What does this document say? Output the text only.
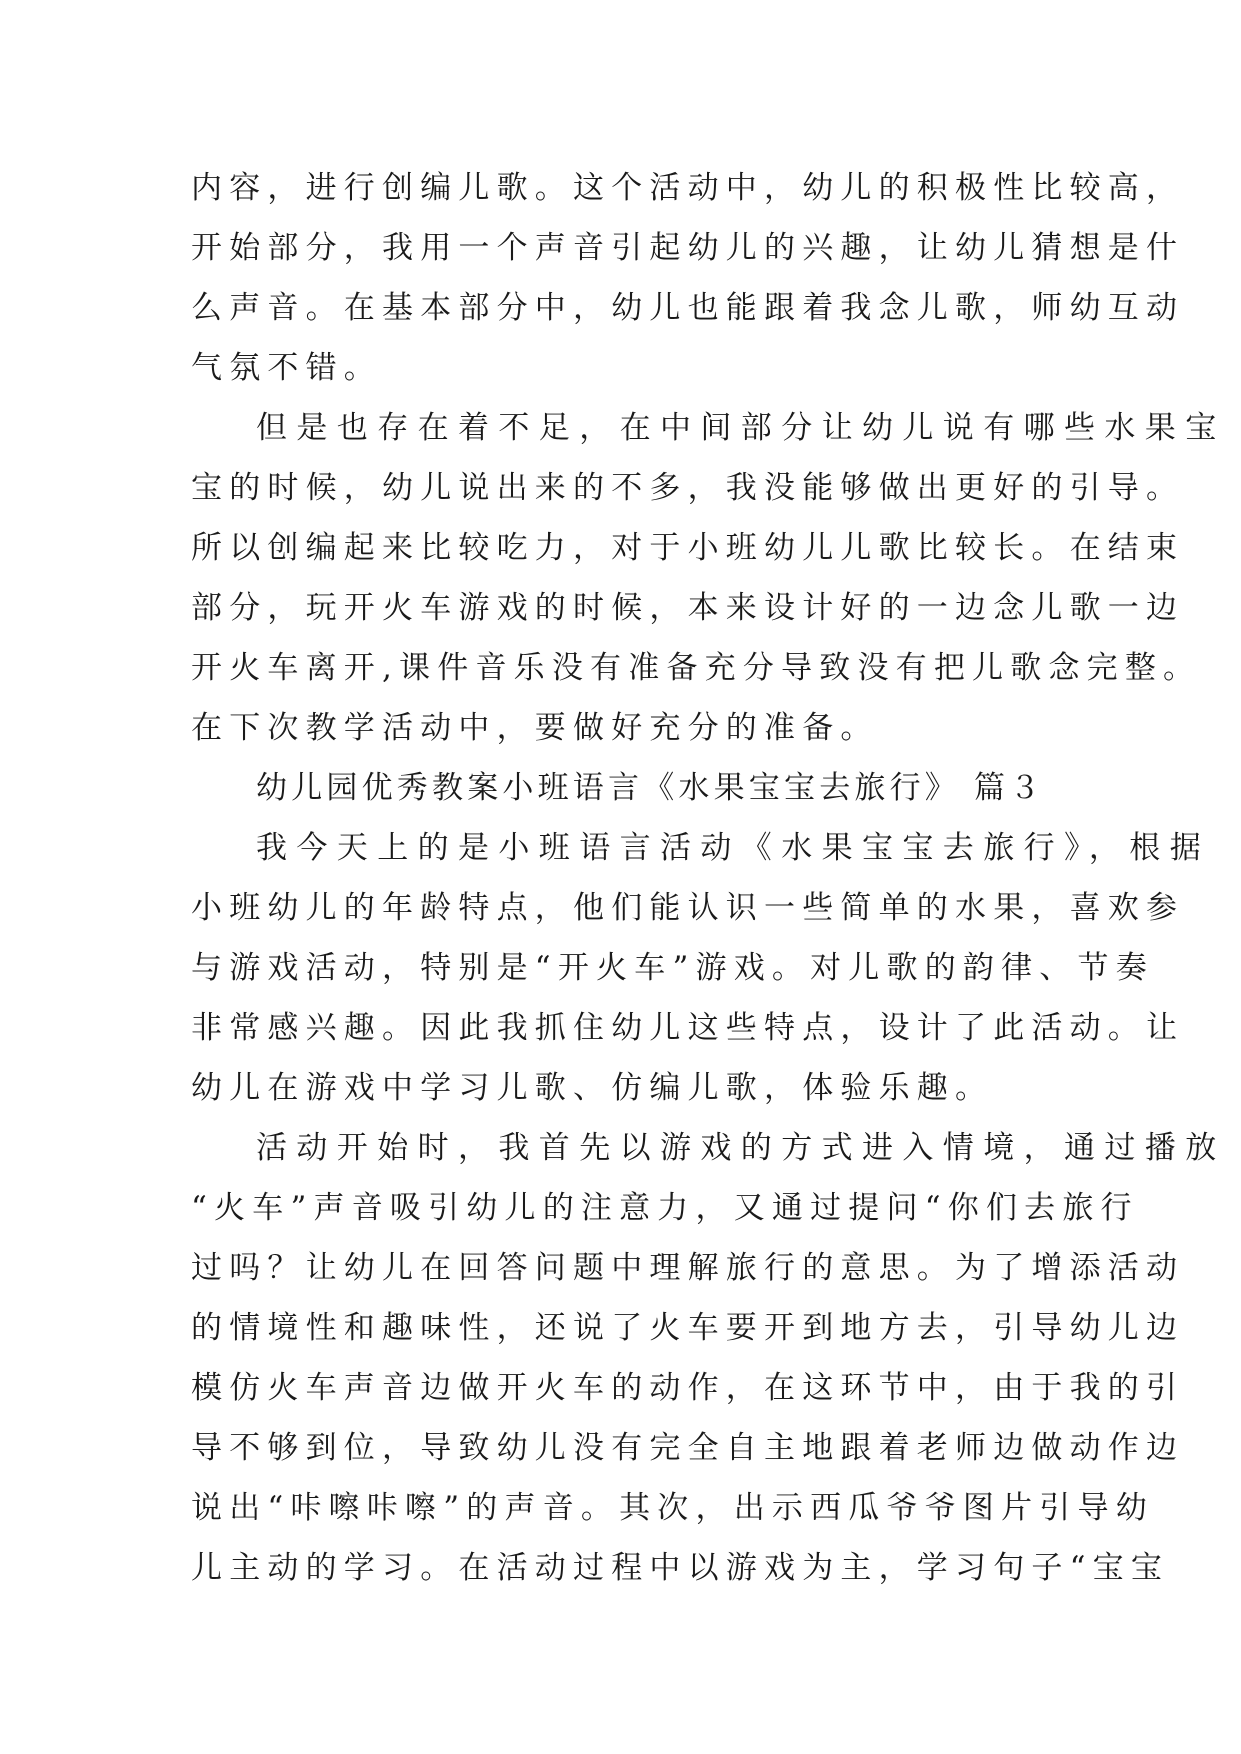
内容，进行创编儿歌。这个活动中，幼儿的积极性比较高，
开始部分，我用一个声音引起幼儿的兴趣，让幼儿猜想是什
么声音。在基本部分中，幼儿也能跟着我念儿歌，师幼互动
气氛不错。
但是也存在着不足，在中间部分让幼儿说有哪些水果宝
宝的时候，幼儿说出来的不多，我没能够做出更好的引导。
所以创编起来比较吃力，对于小班幼儿儿歌比较长。在结束
部分，玩开火车游戏的时候，本来设计好的一边念儿歌一边
开火车离开,课件音乐没有准备充分导致没有把儿歌念完整。
在下次教学活动中，要做好充分的准备。
幼儿园优秀教案小班语言《水果宝宝去旅行》 篇３
我今天上的是小班语言活动《水果宝宝去旅行》，根据
小班幼儿的年龄特点，他们能认识一些简单的水果，喜欢参
与游戏活动，特别是“开火车”游戏。对儿歌的韵律、节奏
非常感兴趣。因此我抓住幼儿这些特点，设计了此活动。让
幼儿在游戏中学习儿歌、仿编儿歌，体验乐趣。
活动开始时，我首先以游戏的方式进入情境，通过播放
“火车”声音吸引幼儿的注意力，又通过提问“你们去旅行
过吗？让幼儿在回答问题中理解旅行的意思。为了增添活动
的情境性和趣味性，还说了火车要开到地方去，引导幼儿边
模仿火车声音边做开火车的动作，在这环节中，由于我的引
导不够到位，导致幼儿没有完全自主地跟着老师边做动作边
说出“咔嚓咔嚓”的声音。其次，出示西瓜爷爷图片引导幼
儿主动的学习。在活动过程中以游戏为主，学习句子“宝宝
